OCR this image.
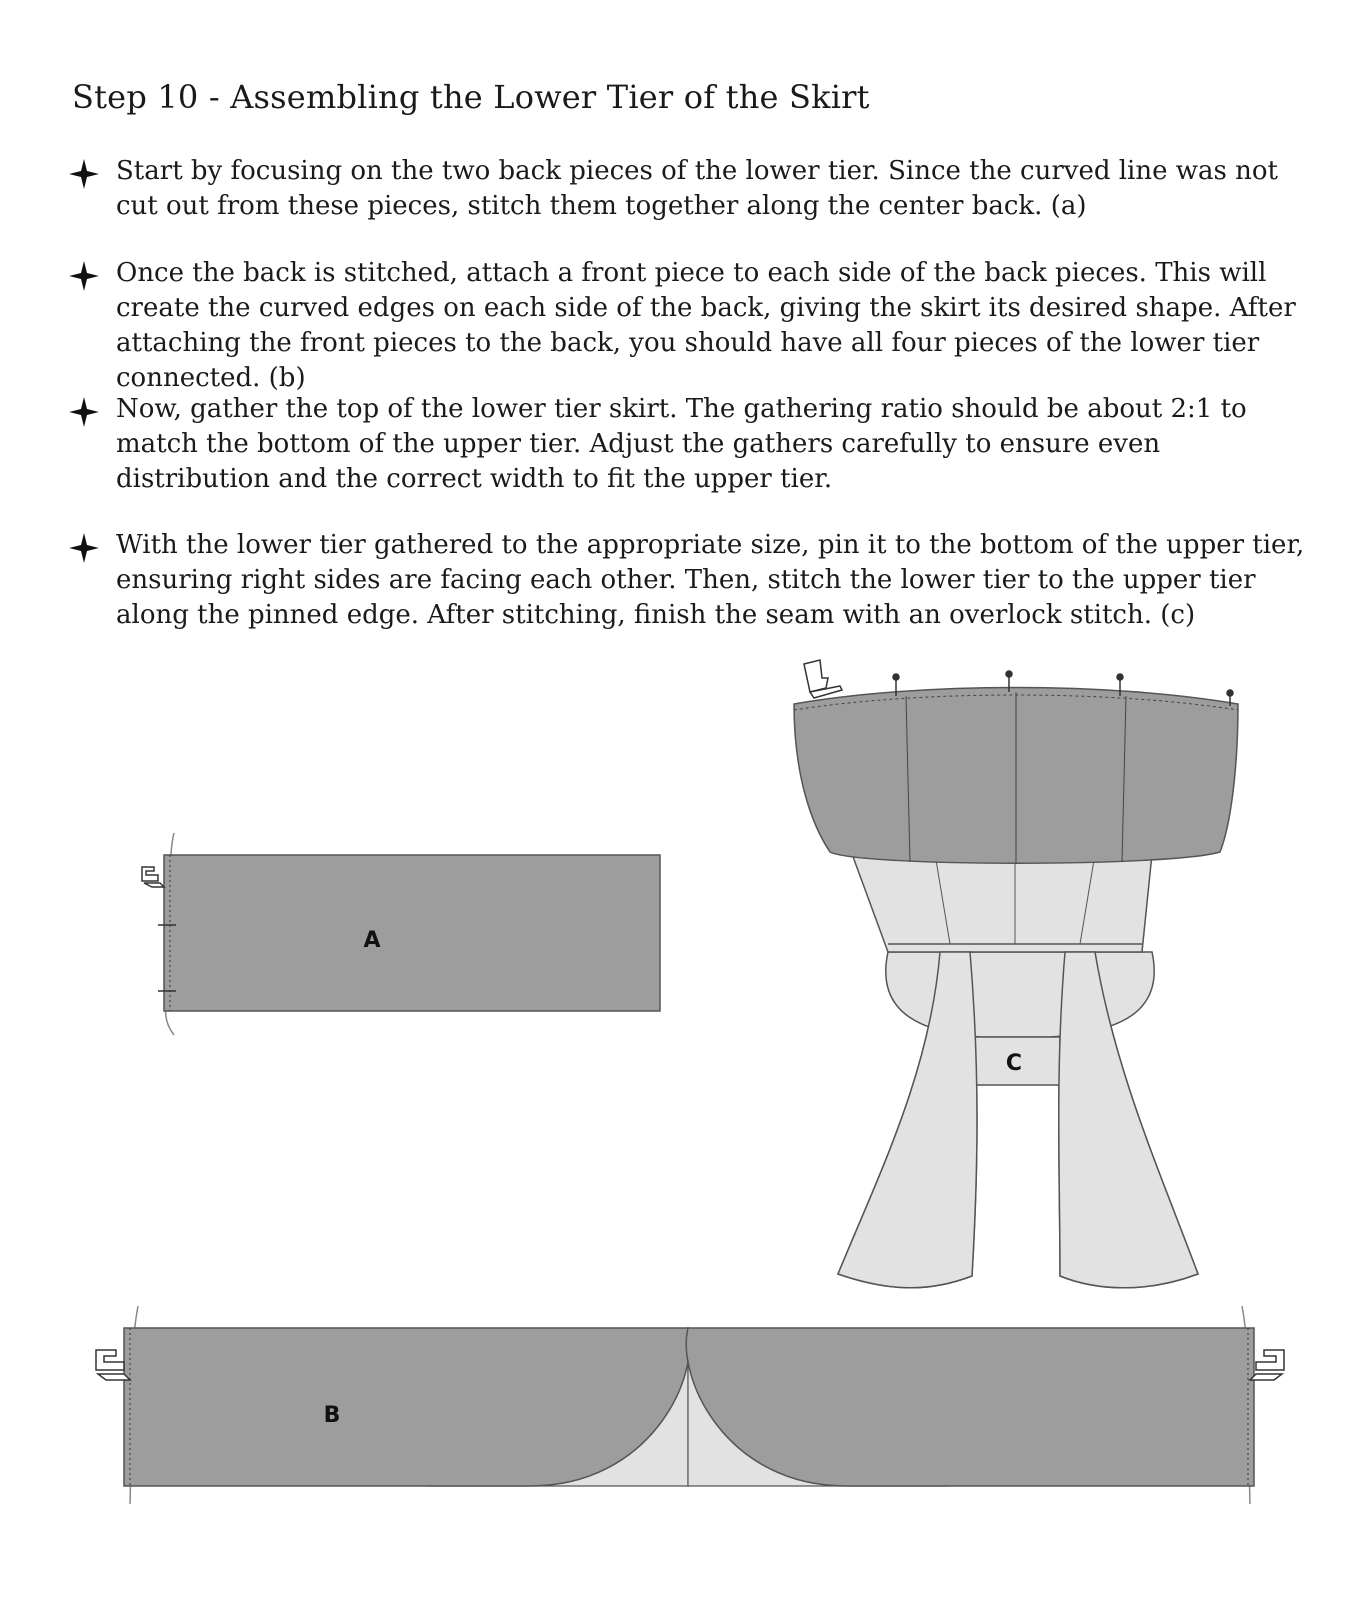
Step 10 - Assembling the Lower Tier of the Skirt
Start by focusing on the two back pieces of the lower tier. Since the curved line was not cut out from these pieces, stitch them together along the center back. (a)
Once the back is stitched, attach a front piece to each side of the back pieces. This will create the curved edges on each side of the back, giving the skirt its desired shape. After attaching the front pieces to the back, you should have all four pieces of the lower tier connected. (b)
Now, gather the top of the lower tier skirt. The gathering ratio should be about 2:1 to match the bottom of the upper tier. Adjust the gathers carefully to ensure even distribution and the correct width to fit the upper tier.
With the lower tier gathered to the appropriate size, pin it to the bottom of the upper tier, ensuring right sides are facing each other. Then, stitch the lower tier to the upper tier along the pinned edge. After stitching, finish the seam with an overlock stitch. (c)
A
C
B
